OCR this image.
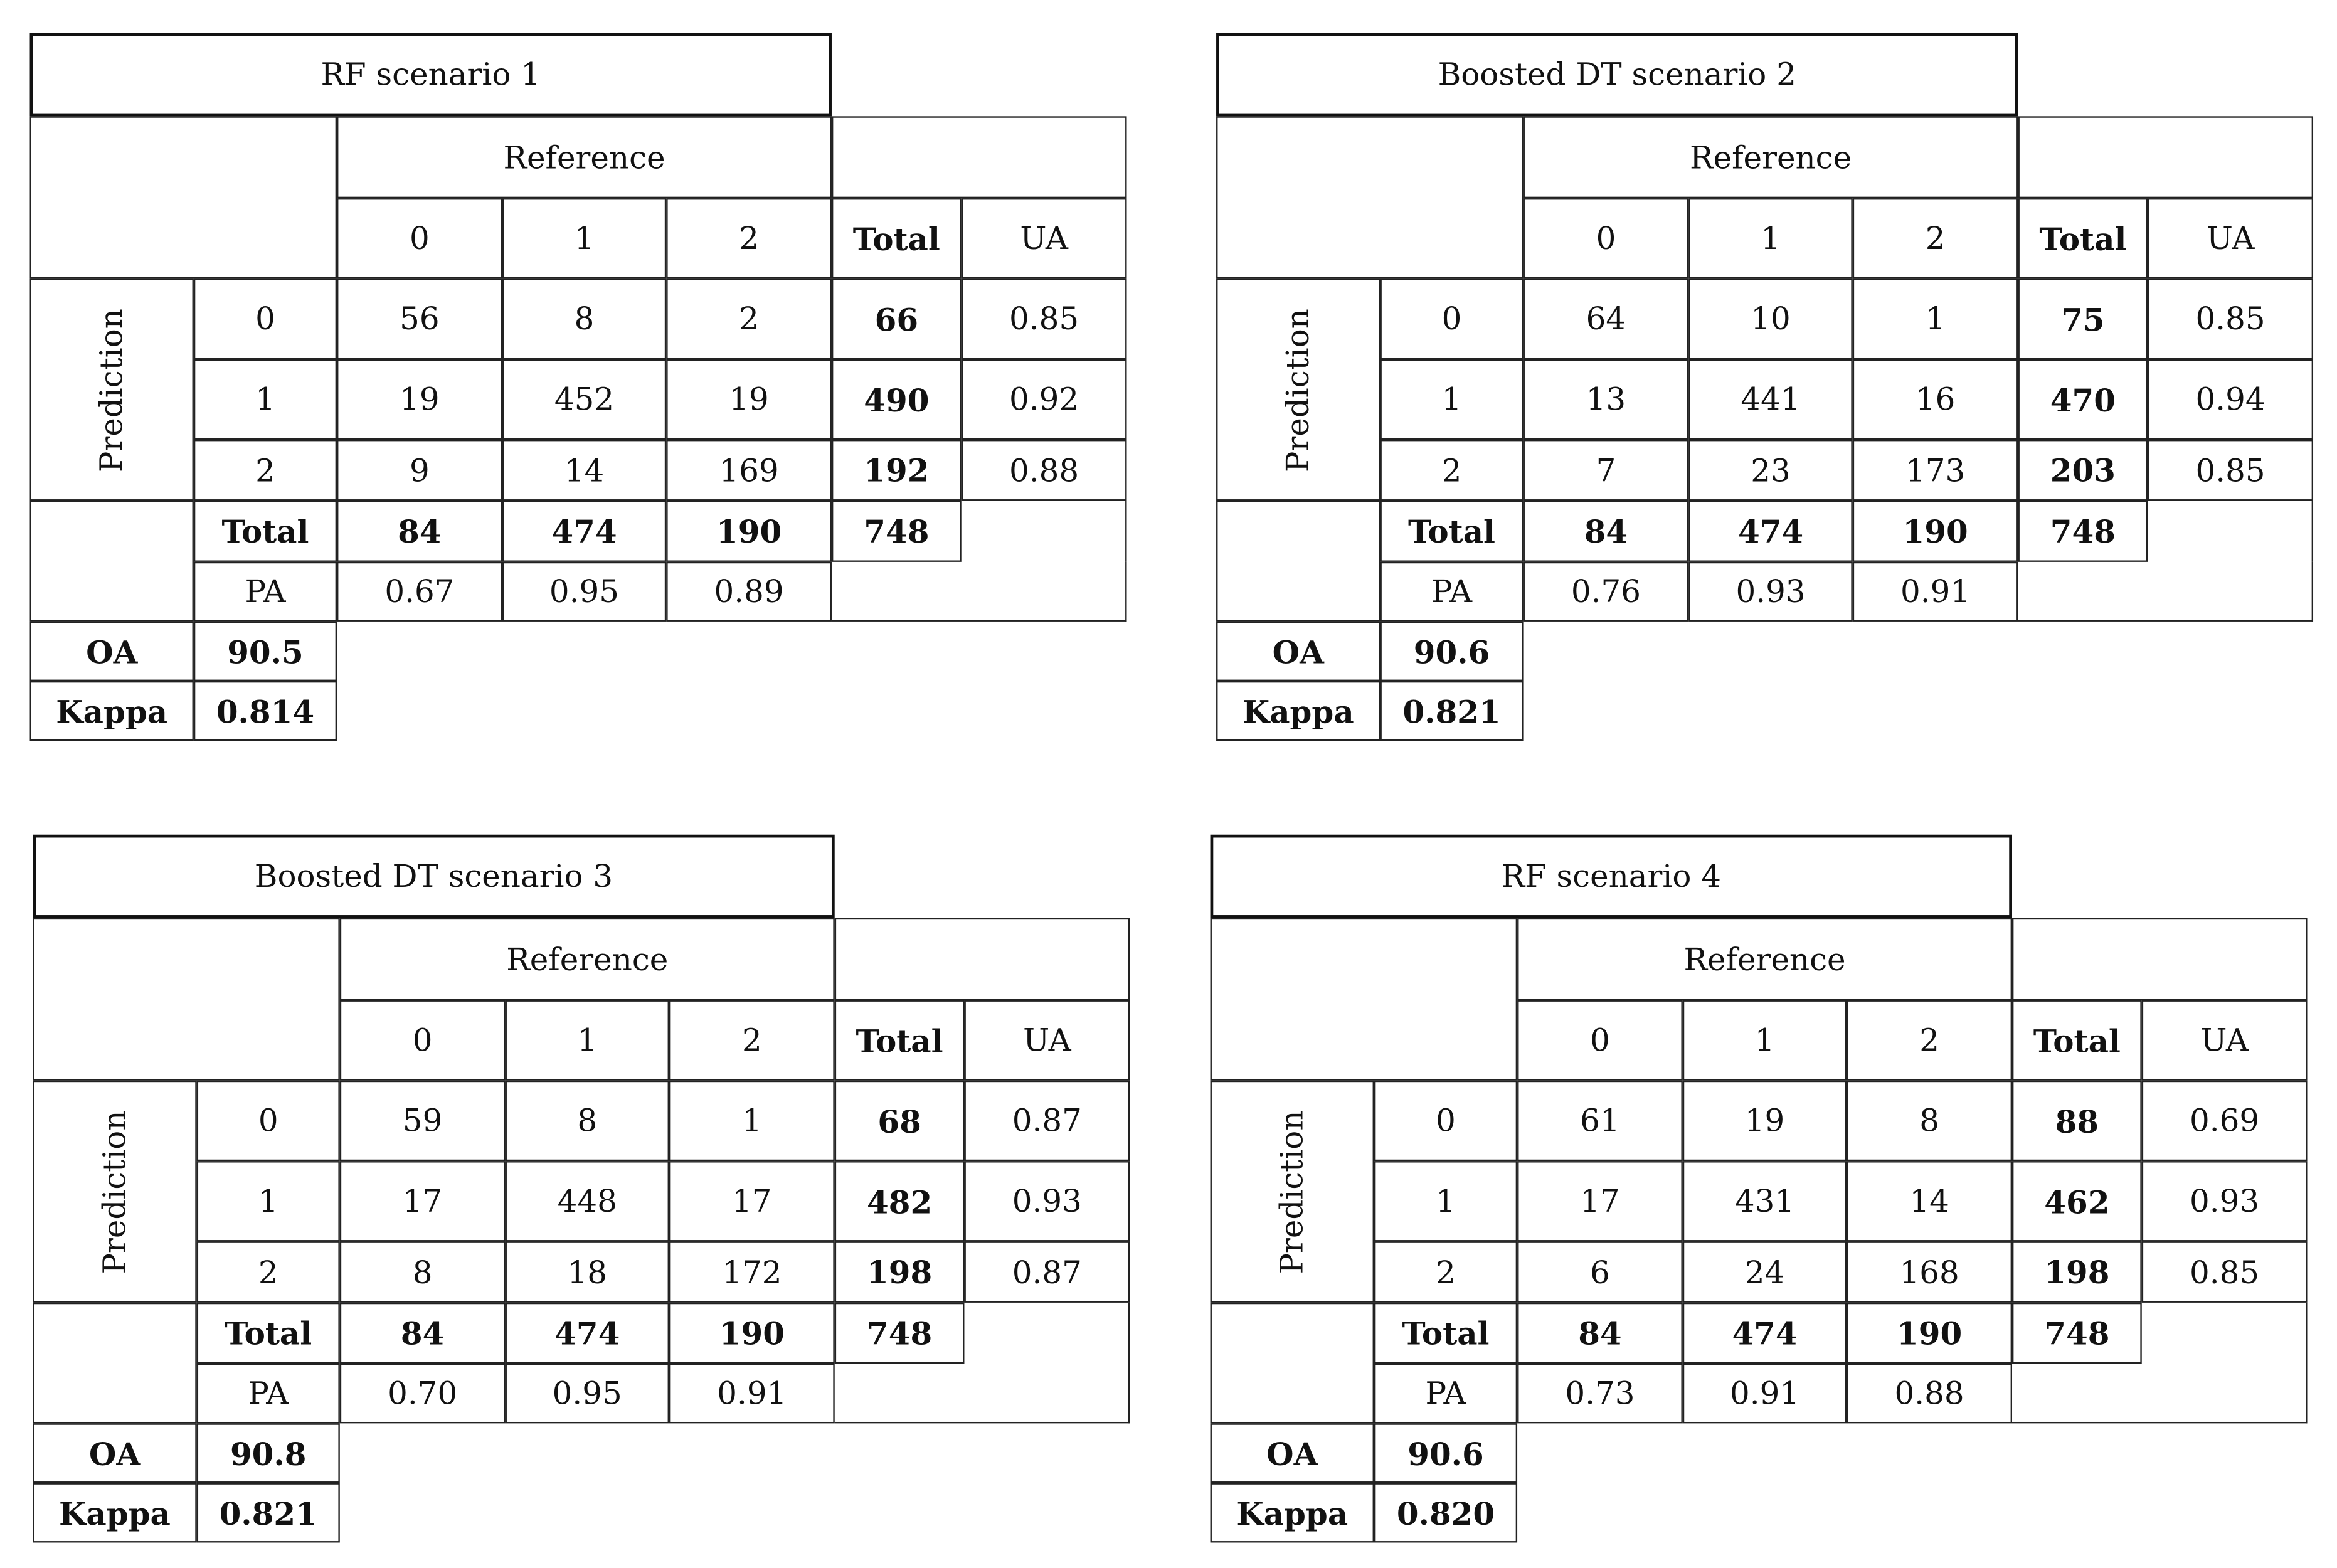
RF scenario 1
Reference
0	1	2	Total	UA
Prediction	0	56	8	2	66	0.85
1	19	452	19	490	0.92
2	9	14	169	192	0.88
Total	84	474	190	748
PA	0.67	0.95	0.89
OA	90.5
Kappa	0.814
Boosted DT scenario 2
Reference
0	1	2	Total	UA
Prediction	0	64	10	1	75	0.85
1	13	441	16	470	0.94
2	7	23	173	203	0.85
Total	84	474	190	748
PA	0.76	0.93	0.91
OA	90.6
Kappa	0.821
Boosted DT scenario 3
Reference
0	1	2	Total	UA
Prediction	0	59	8	1	68	0.87
1	17	448	17	482	0.93
2	8	18	172	198	0.87
Total	84	474	190	748
PA	0.70	0.95	0.91
OA	90.8
Kappa	0.821
RF scenario 4
Reference
0	1	2	Total	UA
Prediction	0	61	19	8	88	0.69
1	17	431	14	462	0.93
2	6	24	168	198	0.85
Total	84	474	190	748
PA	0.73	0.91	0.88
OA	90.6
Kappa	0.820
